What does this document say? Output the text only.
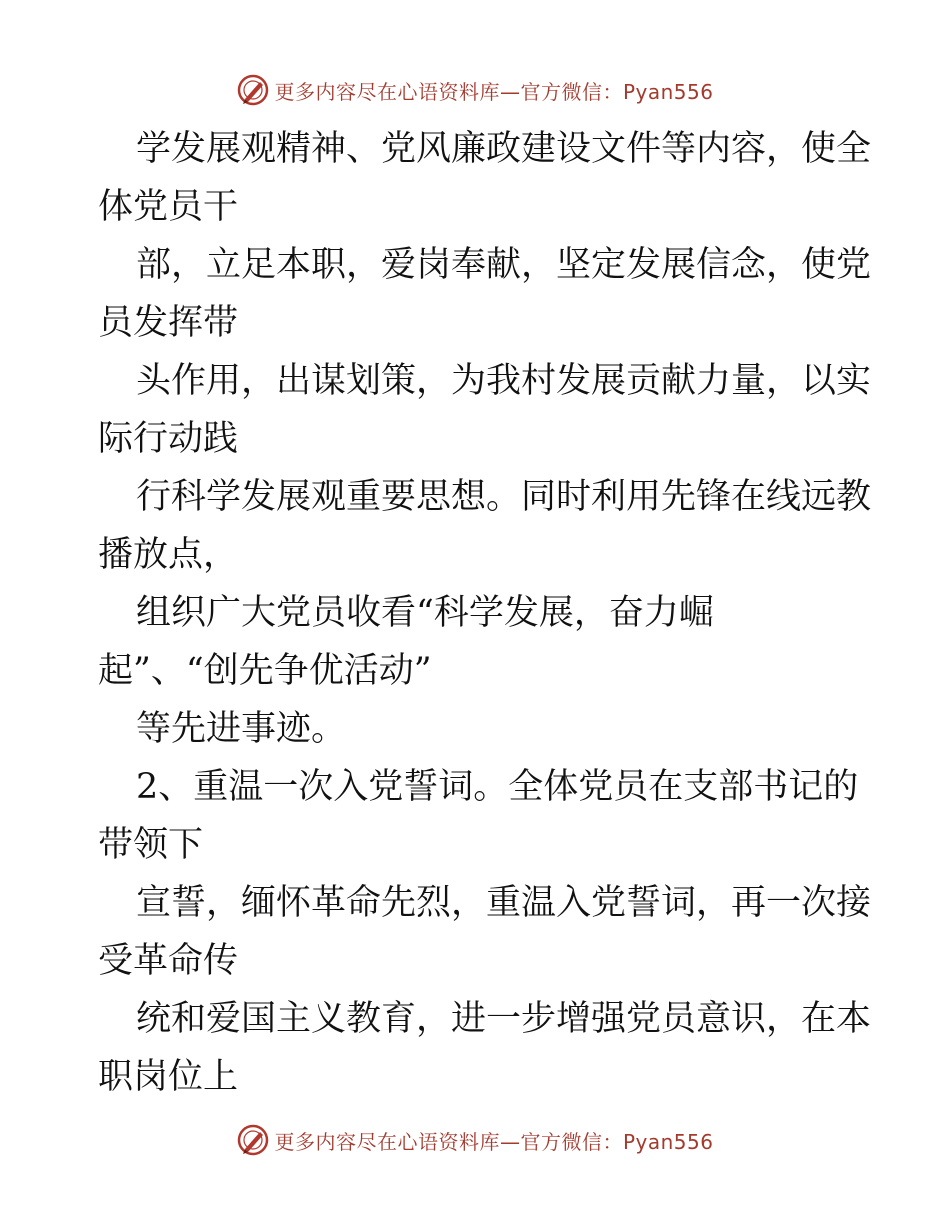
更多内容尽在心语资料库—官方微信：Pyan556
学发展观精神、党风廉政建设文件等内容，使全
体党员干
部，立足本职，爱岗奉献，坚定发展信念，使党
员发挥带
头作用，出谋划策，为我村发展贡献力量，以实
际行动践
行科学发展观重要思想。同时利用先锋在线远教
播放点，
组织广大党员收看“科学发展，奋力崛
起”、“创先争优活动”
等先进事迹。
2、重温一次入党誓词。全体党员在支部书记的
带领下
宣誓，缅怀革命先烈，重温入党誓词，再一次接
受革命传
统和爱国主义教育，进一步增强党员意识，在本
职岗位上
更多内容尽在心语资料库—官方微信：Pyan556
